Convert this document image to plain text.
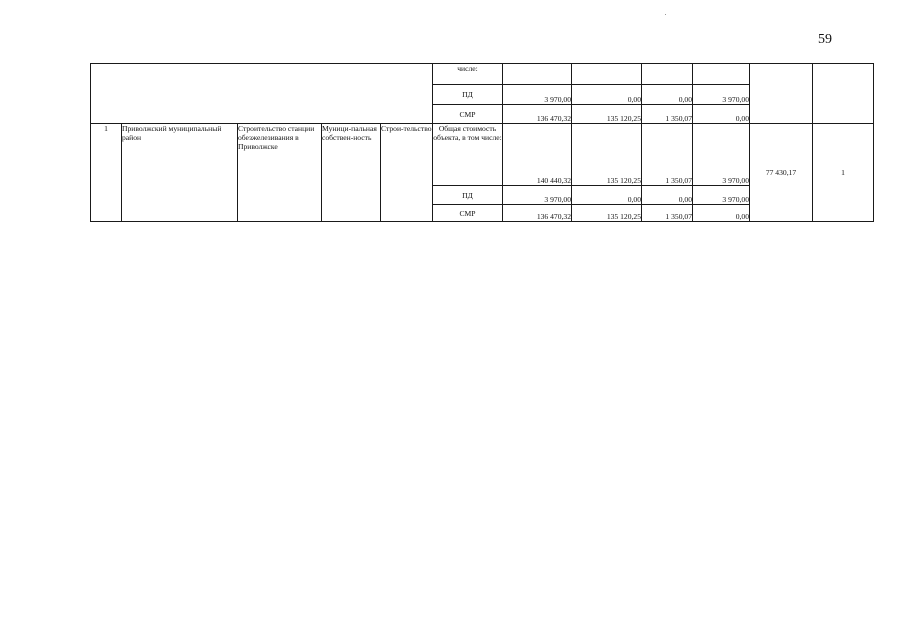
59
					числе:						
					ПД	3 970,00	0,00	0,00	3 970,00		
					СМР	136 470,32	135 120,25	1 350,07	0,00		
1	Приволжский муниципальный район	Строительство станции обезжелезивания в Приволжске	Муници-пальная собствен-ность	Строи-тельство	Общая стоимость объекта, в том числе:	140 440,32	135 120,25	1 350,07	3 970,00	77 430,17	1
					ПД	3 970,00	0,00	0,00	3 970,00		
					СМР	136 470,32	135 120,25	1 350,07	0,00		
